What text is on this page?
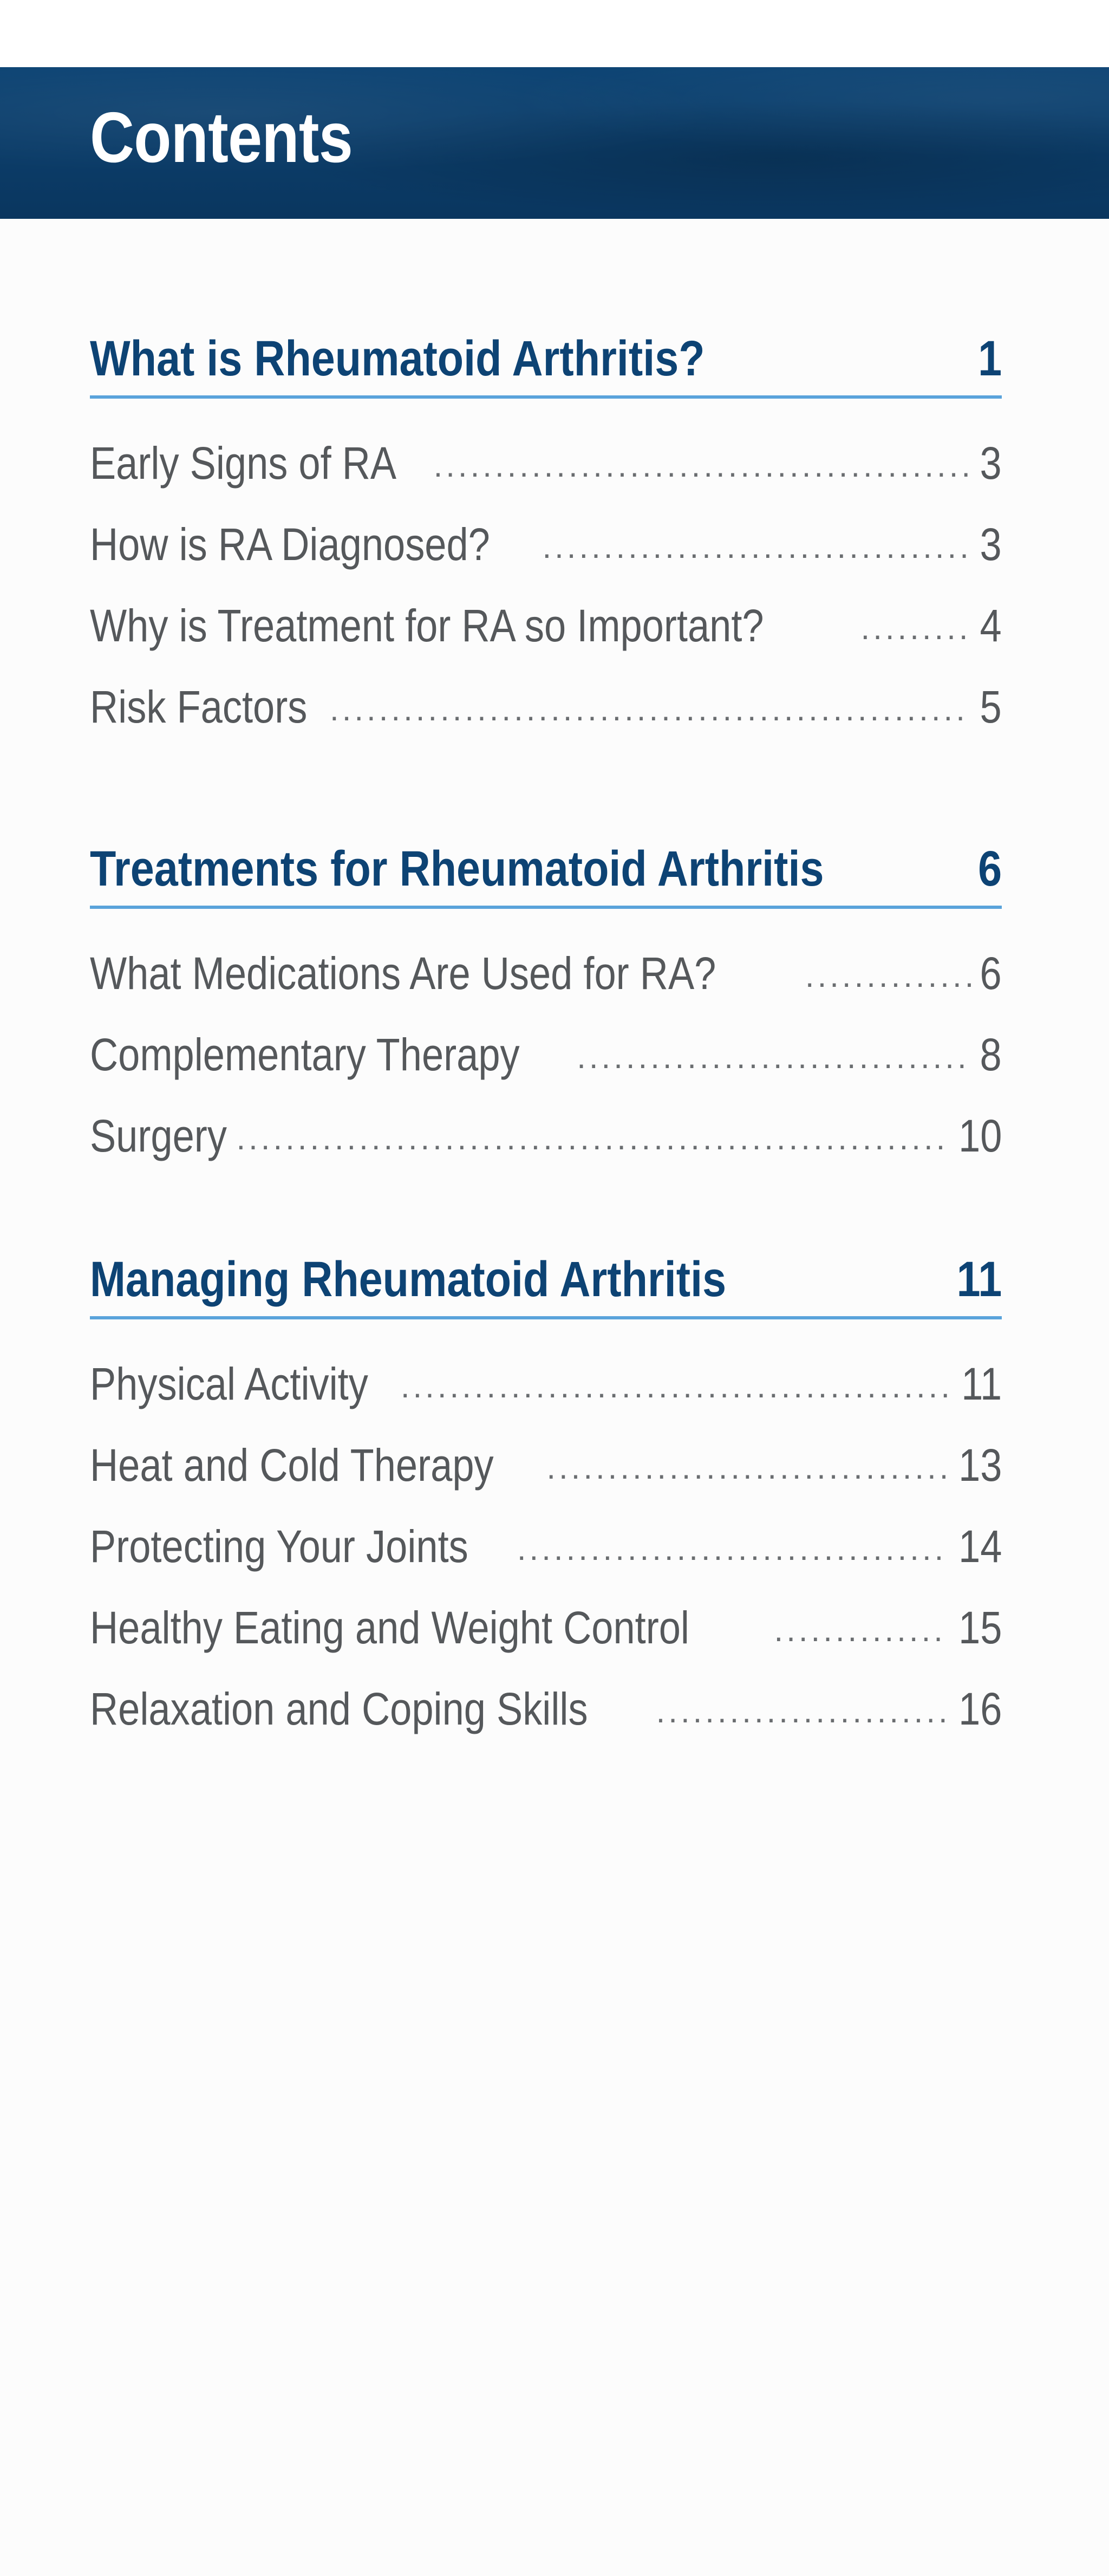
Contents
What is Rheumatoid Arthritis?	1
Early Signs of RA .....	3
How is RA Diagnosed? .....	3
Why is Treatment for RA so Important? .....	4
Risk Factors .....	5
Treatments for Rheumatoid Arthritis	6
What Medications Are Used for RA? .....	6
Complementary Therapy .....	8
Surgery .....	10
Managing Rheumatoid Arthritis	11
Physical Activity .....	11
Heat and Cold Therapy .....	13
Protecting Your Joints .....	14
Healthy Eating and Weight Control .....	15
Relaxation and Coping Skills .....	16
